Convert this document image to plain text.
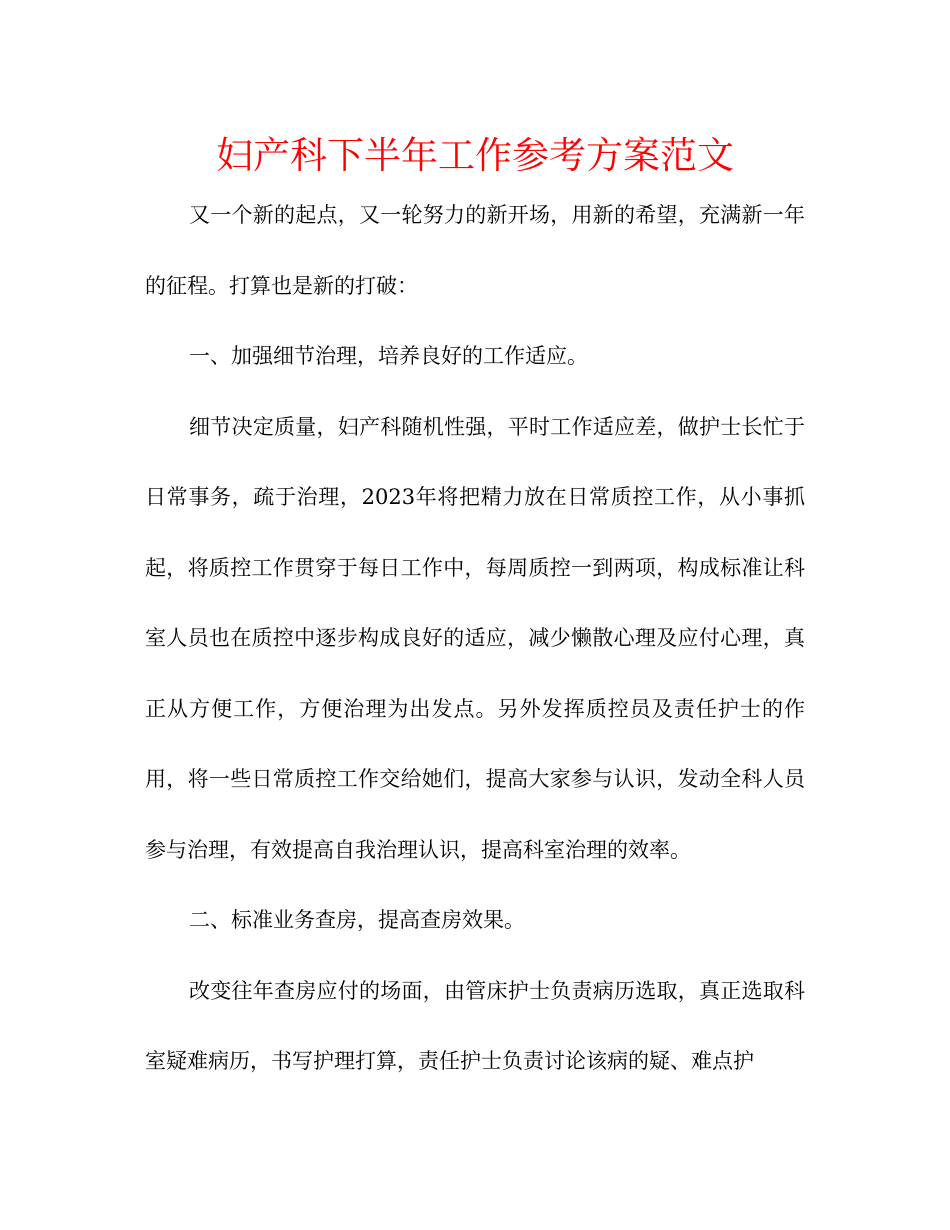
妇产科下半年工作参考方案范文

又一个新的起点，又一轮努力的新开场，用新的希望，充满新一年的征程。打算也是新的打破：

一、加强细节治理，培养良好的工作适应。

细节决定质量，妇产科随机性强，平时工作适应差，做护士长忙于日常事务，疏于治理，2023年将把精力放在日常质控工作，从小事抓起，将质控工作贯穿于每日工作中，每周质控一到两项，构成标准让科室人员也在质控中逐步构成良好的适应，减少懒散心理及应付心理，真正从方便工作，方便治理为出发点。另外发挥质控员及责任护士的作用，将一些日常质控工作交给她们，提高大家参与认识，发动全科人员参与治理，有效提高自我治理认识，提高科室治理的效率。

二、标准业务查房，提高查房效果。

改变往年查房应付的场面，由管床护士负责病历选取，真正选取科室疑难病历，书写护理打算，责任护士负责讨论该病的疑、难点护
